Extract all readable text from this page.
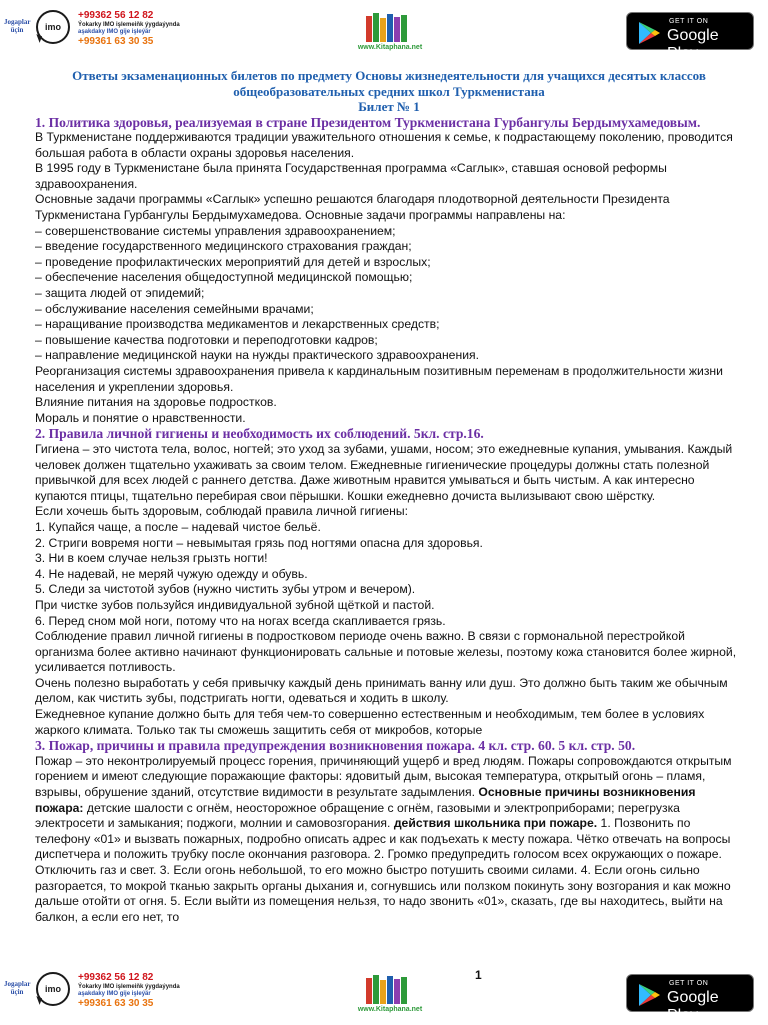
Jogaplar üçin	imo
+99362 56 12 82
Ýokarky IMO işlemeiňk ýygdaýynda
aşakdaky IMO gije işleýär
+99361 63 30 35
www.Kitaphana.net
GET IT ON
Google Play

Ответы экзаменационных билетов по предмету Основы жизнедеятельности для учащихся десятых классов общеобразовательных средних школ Туркменистана

Билет № 1

1. Политика здоровья, реализуемая в стране Президентом Туркменистана Гурбангулы Бердымухамедовым.

В Туркменистане поддерживаются традиции уважительного отношения к семье, к подрастающему поколению, проводится большая работа в области охраны здоровья населения.

В 1995 году в Туркменистане была принята Государственная программа «Саглык», ставшая основой реформы здравоохранения.

Основные задачи программы «Саглык» успешно решаются благодаря плодотворной деятельности Президента Туркменистана Гурбангулы Бердымухамедова. Основные задачи программы направлены на:

– совершенствование системы управления здравоохранением;

– введение государственного медицинского страхования граждан;

– проведение профилактических мероприятий для детей и взрослых;

– обеспечение населения общедоступной медицинской помощью;

– защита людей от эпидемий;

– обслуживание населения семейными врачами;

– наращивание производства медикаментов и лекарственных средств;

– повышение качества подготовки и переподготовки кадров;

– направление медицинской науки на нужды практического здравоохранения.

Реорганизация системы здравоохранения привела к кардинальным позитивным переменам в продолжительности жизни населения и укреплении здоровья.

Влияние питания на здоровье подростков.

Мораль и понятие о нравственности.

2. Правила личной гигиены и необходимость их соблюдений. 5кл. стр.16.

Гигиена – это чистота тела, волос, ногтей; это уход за зубами, ушами, носом; это ежедневные купания, умывания. Каждый человек должен тщательно ухаживать за своим телом. Ежедневные гигиенические процедуры должны стать полезной привычкой для всех людей с раннего детства. Даже животным нравится умываться и быть чистым. А как интересно купаются птицы, тщательно перебирая свои пёрышки. Кошки ежедневно дочиста вылизывают свою шёрстку.

Если хочешь быть здоровым, соблюдай правила личной гигиены:

1. Купайся чаще, а после – надевай чистое бельё.

2. Стриги вовремя ногти – невымытая грязь под ногтями опасна для здоровья.

3. Ни в коем случае нельзя грызть ногти!

4. Не надевай, не меряй чужую одежду и обувь.

5. Следи за чистотой зубов (нужно чистить зубы утром и вечером).

При чистке зубов пользуйся индивидуальной зубной щёткой и пастой.

6. Перед сном мой ноги, потому что на ногах всегда скапливается грязь.

Соблюдение правил личной гигиены в подростковом периоде очень важно. В связи с гормональной перестройкой организма более активно начинают функционировать сальные и потовые железы, поэтому кожа становится более жирной, усиливается потливость.

Очень полезно выработать у себя привычку каждый день принимать ванну или душ. Это должно быть таким же обычным делом, как чистить зубы, подстригать ногти, одеваться и ходить в школу.

Ежедневное купание должно быть для тебя чем-то совершенно естественным и необходимым, тем более в условиях жаркого климата. Только так ты сможешь защитить себя от микробов, которые

3. Пожар, причины и правила предупреждения возникновения пожара. 4 кл. стр. 60. 5 кл. стр. 50.

Пожар – это неконтролируемый процесс горения, причиняющий ущерб и вред людям. Пожары сопровождаются открытым горением и имеют следующие поражающие факторы: ядовитый дым, высокая температура, открытый огонь – пламя, взрывы, обрушение зданий, отсутствие видимости в результате задымления. Основные причины возникновения пожара: детские шалости с огнём, неосторожное обращение с огнём, газовыми и электроприборами; перегрузка электросети и замыкания; поджоги, молнии и самовозгорания. действия школьника при пожаре. 1. Позвонить по телефону «01» и вызвать пожарных, подробно описать адрес и как подъехать к месту пожара. Чётко отвечать на вопросы диспетчера и положить трубку после окончания разговора. 2. Громко предупредить голосом всех окружающих о пожаре. Отключить газ и свет. 3. Если огонь небольшой, то его можно быстро потушить своими силами. 4. Если огонь сильно разгорается, то мокрой тканью закрыть органы дыхания и, согнувшись или ползком покинуть зону возгорания и как можно дальше отойти от огня. 5. Если выйти из помещения нельзя, то надо звонить «01», сказать, где вы находитесь, выйти на балкон, а если его нет, то

Jogaplar üçin	imo
+99362 56 12 82
Ýokarky IMO işlemeiňk ýygdaýynda
aşakdaky IMO gije işleýär
+99361 63 30 35
www.Kitaphana.net
1
GET IT ON
Google Play
